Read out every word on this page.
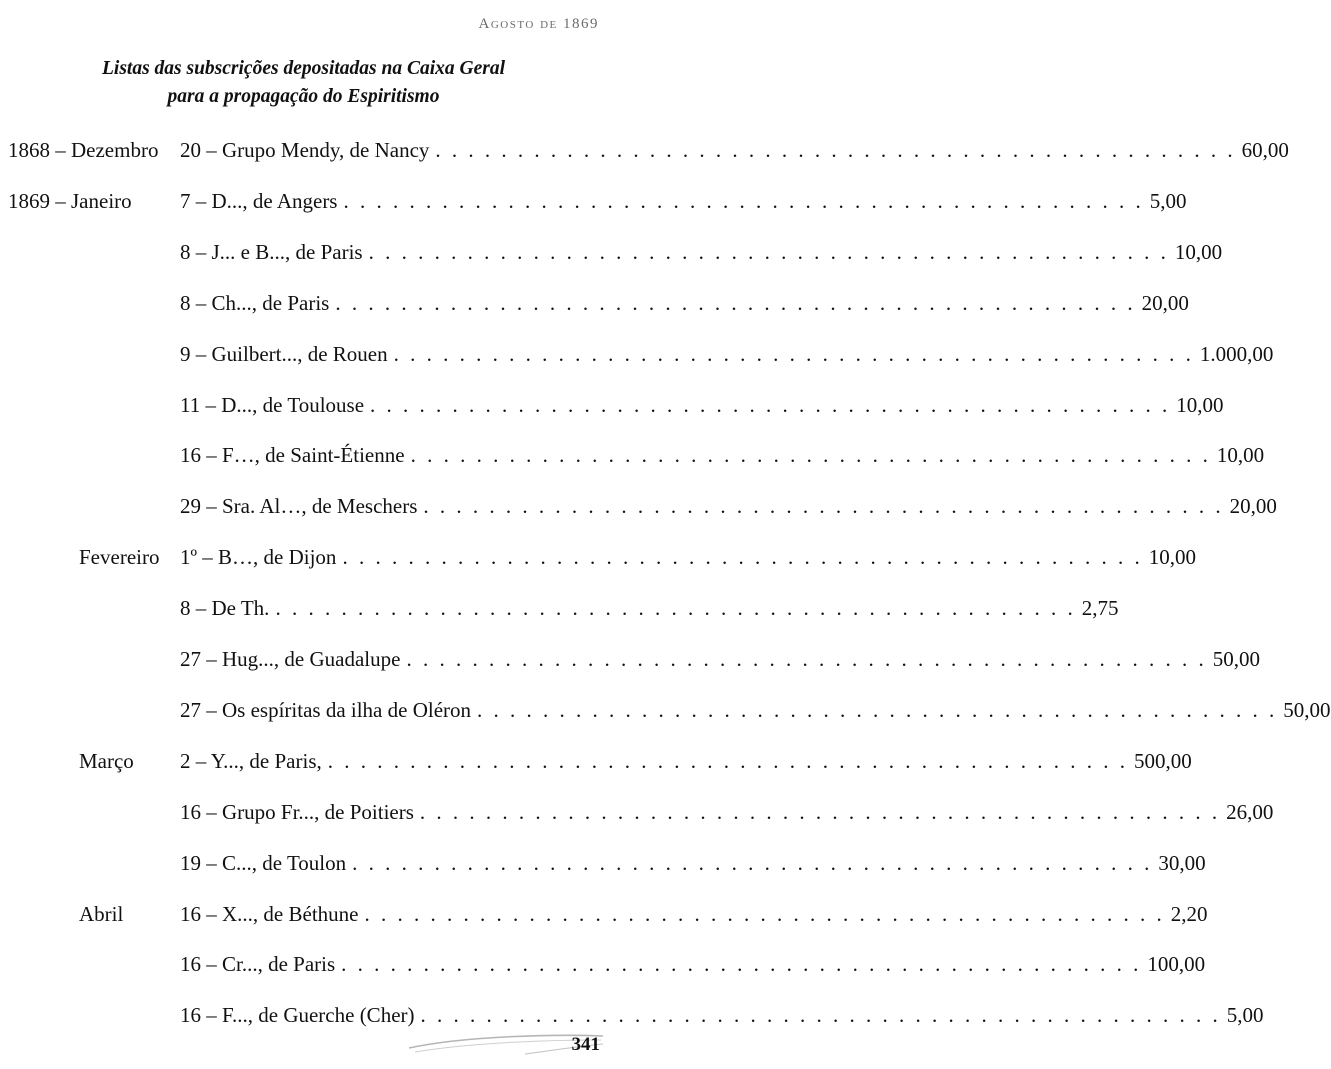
Agosto de 1869
Listas das subscrições depositadas na Caixa Geral
para a propagação do Espiritismo
1868 – Dezembro 20 – Grupo Mendy, de Nancy . . . . . . . . . . . . . . . . . . . . . . . . . . . . . . . . . . . . . . . . . . . . . . . . . 60,00
1869 – Janeiro 7 – D..., de Angers . . . . . . . . . . . . . . . . . . . . . . . . . . . . . . . . . . . . . . . . . . . . . . . . . 5,00
8 – J... e B..., de Paris . . . . . . . . . . . . . . . . . . . . . . . . . . . . . . . . . . . . . . . . . . . . . . . . . 10,00
8 – Ch..., de Paris . . . . . . . . . . . . . . . . . . . . . . . . . . . . . . . . . . . . . . . . . . . . . . . . . 20,00
9 – Guilbert..., de Rouen . . . . . . . . . . . . . . . . . . . . . . . . . . . . . . . . . . . . . . . . . . . . . . . . . 1.000,00
11 – D..., de Toulouse . . . . . . . . . . . . . . . . . . . . . . . . . . . . . . . . . . . . . . . . . . . . . . . . . 10,00
16 – F…, de Saint-Étienne . . . . . . . . . . . . . . . . . . . . . . . . . . . . . . . . . . . . . . . . . . . . . . . . . 10,00
29 – Sra. Al…, de Meschers . . . . . . . . . . . . . . . . . . . . . . . . . . . . . . . . . . . . . . . . . . . . . . . . . 20,00
Fevereiro 1º – B…, de Dijon . . . . . . . . . . . . . . . . . . . . . . . . . . . . . . . . . . . . . . . . . . . . . . . . . 10,00
8 – De Th. . . . . . . . . . . . . . . . . . . . . . . . . . . . . . . . . . . . . . . . . . . . . . . . . . 2,75
27 – Hug..., de Guadalupe . . . . . . . . . . . . . . . . . . . . . . . . . . . . . . . . . . . . . . . . . . . . . . . . . 50,00
27 – Os espíritas da ilha de Oléron . . . . . . . . . . . . . . . . . . . . . . . . . . . . . . . . . . . . . . . . . . . . . . . . . 50,00
Março 2 – Y..., de Paris, . . . . . . . . . . . . . . . . . . . . . . . . . . . . . . . . . . . . . . . . . . . . . . . . . 500,00
16 – Grupo Fr..., de Poitiers . . . . . . . . . . . . . . . . . . . . . . . . . . . . . . . . . . . . . . . . . . . . . . . . . 26,00
19 – C..., de Toulon . . . . . . . . . . . . . . . . . . . . . . . . . . . . . . . . . . . . . . . . . . . . . . . . . 30,00
Abril	16 – X..., de Béthune . . . . . . . . . . . . . . . . . . . . . . . . . . . . . . . . . . . . . . . . . . . . . . . . . 2,20
16 – Cr..., de Paris . . . . . . . . . . . . . . . . . . . . . . . . . . . . . . . . . . . . . . . . . . . . . . . . . 100,00
16 – F..., de Guerche (Cher) . . . . . . . . . . . . . . . . . . . . . . . . . . . . . . . . . . . . . . . . . . . . . . . . . 5,00
341
